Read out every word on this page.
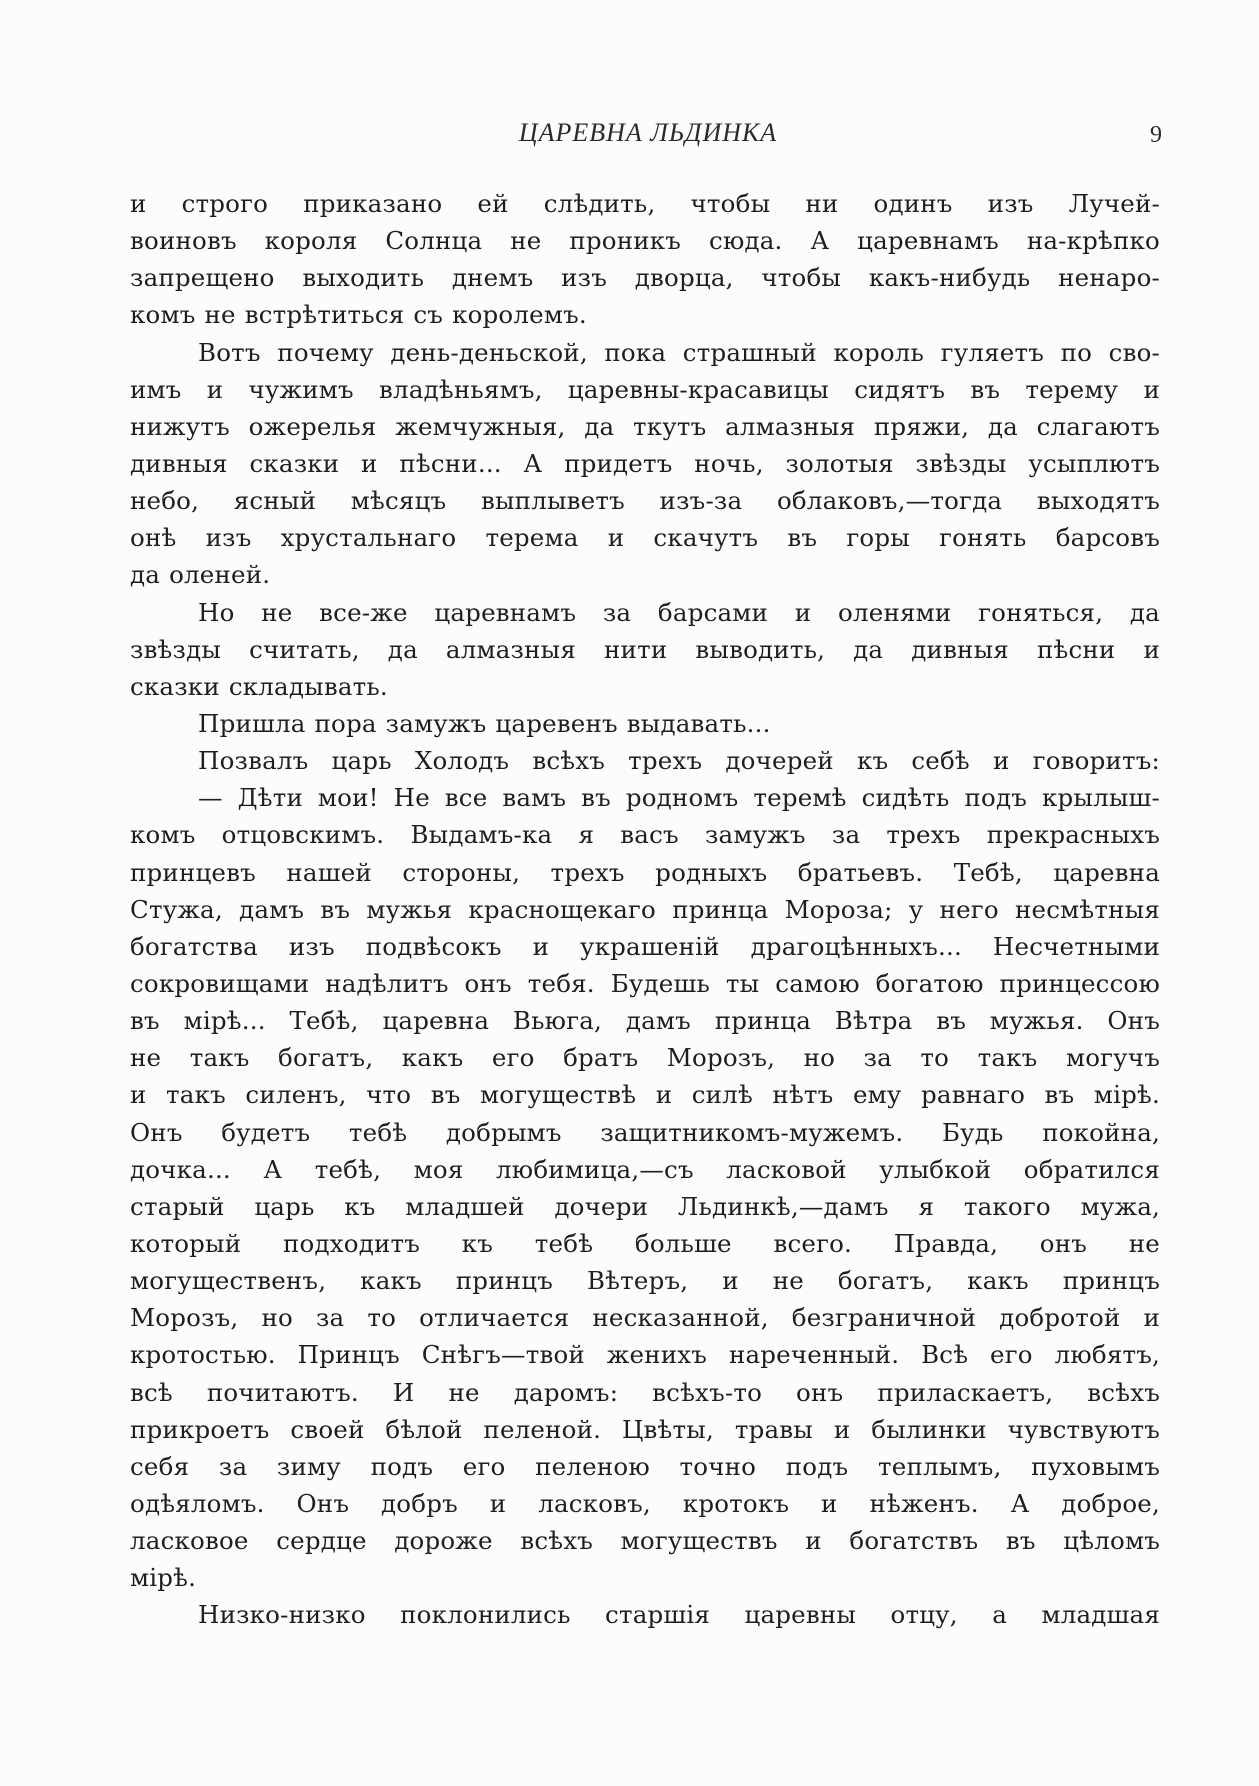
ЦАРЕВНА ЛЬДИНКА	9
и строго приказано ей слѣдить, чтобы ни одинъ изъ Лучей-
воиновъ короля Солнца не проникъ сюда. А царевнамъ на-крѣпко
запрещено выходить днемъ изъ дворца, чтобы какъ-нибудь ненаро-
комъ не встрѣтиться съ королемъ.
Вотъ почему день-деньской, пока страшный король гуляетъ по сво-
имъ и чужимъ владѣньямъ, царевны-красавицы сидятъ въ терему и
нижутъ ожерелья жемчужныя, да ткутъ алмазныя пряжи, да слагаютъ
дивныя сказки и пѣсни... А придетъ ночь, золотыя звѣзды усыплютъ
небо, ясный мѣсяцъ выплыветъ изъ-за облаковъ,—тогда выходятъ
онѣ изъ хрустальнаго терема и скачутъ въ горы гонять барсовъ
да оленей.
Но не все-же царевнамъ за барсами и оленями гоняться, да
звѣзды считать, да алмазныя нити выводить, да дивныя пѣсни и
сказки складывать.
Пришла пора замужъ царевенъ выдавать...
Позвалъ царь Холодъ всѣхъ трехъ дочерей къ себѣ и говоритъ:
— Дѣти мои! Не все вамъ въ родномъ теремѣ сидѣть подъ крылыш-
комъ отцовскимъ. Выдамъ-ка я васъ замужъ за трехъ прекрасныхъ
принцевъ нашей стороны, трехъ родныхъ братьевъ. Тебѣ, царевна
Стужа, дамъ въ мужья краснощекаго принца Мороза; у него несмѣтныя
богатства изъ подвѣсокъ и украшеній драгоцѣнныхъ... Несчетными
сокровищами надѣлитъ онъ тебя. Будешь ты самою богатою принцессою
въ мірѣ... Тебѣ, царевна Вьюга, дамъ принца Вѣтра въ мужья. Онъ
не такъ богатъ, какъ его братъ Морозъ, но за то такъ могучъ
и такъ силенъ, что въ могуществѣ и силѣ нѣтъ ему равнаго въ мірѣ.
Онъ будетъ тебѣ добрымъ защитникомъ-мужемъ. Будь покойна,
дочка... А тебѣ, моя любимица,—съ ласковой улыбкой обратился
старый царь къ младшей дочери Льдинкѣ,—дамъ я такого мужа,
который подходитъ къ тебѣ больше всего. Правда, онъ не
могущественъ, какъ принцъ Вѣтеръ, и не богатъ, какъ принцъ
Морозъ, но за то отличается несказанной, безграничной добротой и
кротостью. Принцъ Снѣгъ—твой женихъ нареченный. Всѣ его любятъ,
всѣ почитаютъ. И не даромъ: всѣхъ-то онъ приласкаетъ, всѣхъ
прикроетъ своей бѣлой пеленой. Цвѣты, травы и былинки чувствуютъ
себя за зиму подъ его пеленою точно подъ теплымъ, пуховымъ
одѣяломъ. Онъ добръ и ласковъ, кротокъ и нѣженъ. А доброе,
ласковое сердце дороже всѣхъ могуществъ и богатствъ въ цѣломъ
мірѣ.
Низко-низко поклонились старшія царевны отцу, а младшая
